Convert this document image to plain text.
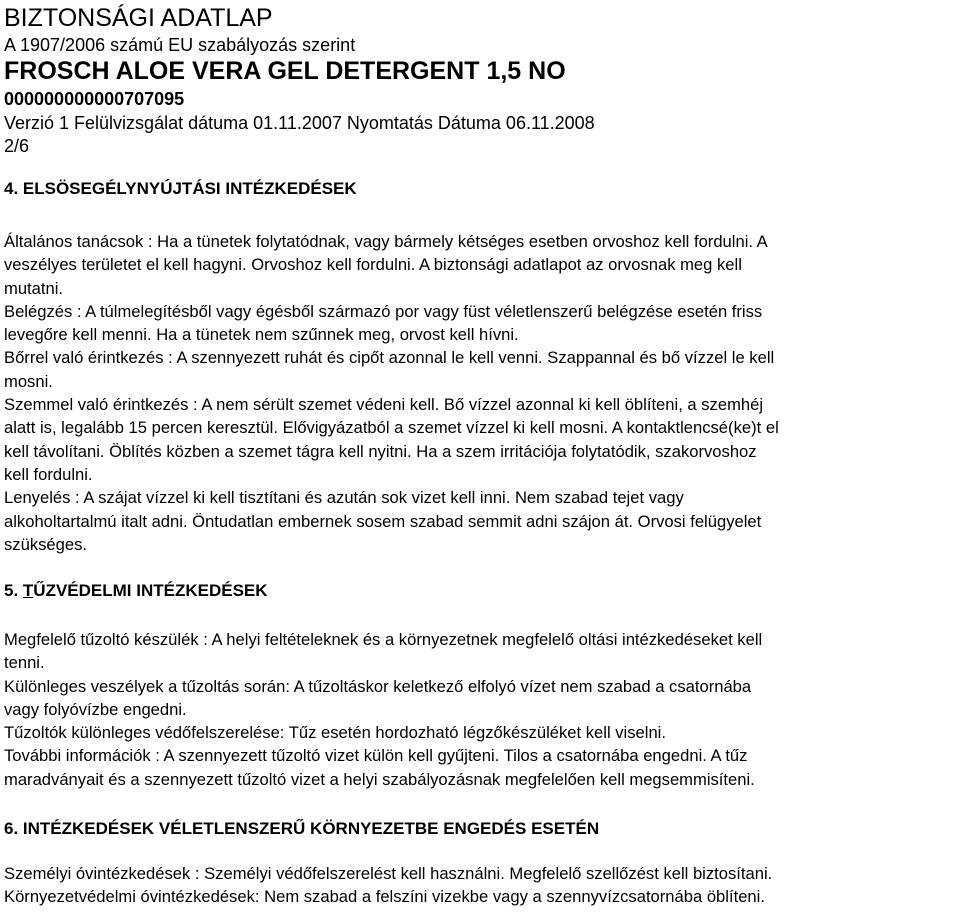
BIZTONSÁGI ADATLAP
A 1907/2006 számú EU szabályozás szerint
FROSCH ALOE VERA GEL DETERGENT 1,5 NO
000000000000707095
Verzió 1 Felülvizsgálat dátuma 01.11.2007 Nyomtatás Dátuma 06.11.2008
2/6
4. ELSÖSEGÉLYNYÚJTÁSI INTÉZKEDÉSEK
Általános tanácsok : Ha a tünetek folytatódnak, vagy bármely kétséges esetben orvoshoz kell fordulni. A
veszélyes területet el kell hagyni. Orvoshoz kell fordulni. A biztonsági adatlapot az orvosnak meg kell
mutatni.
Belégzés : A túlmelegítésből vagy égésből származó por vagy füst véletlenszerű belégzése esetén friss
levegőre kell menni. Ha a tünetek nem szűnnek meg, orvost kell hívni.
Bőrrel való érintkezés : A szennyezett ruhát és cipőt azonnal le kell venni. Szappannal és bő vízzel le kell
mosni.
Szemmel való érintkezés : A nem sérült szemet védeni kell. Bő vízzel azonnal ki kell öblíteni, a szemhéj
alatt is, legalább 15 percen keresztül. Elővigyázatból a szemet vízzel ki kell mosni. A kontaktlencsé(ke)t el
kell távolítani. Öblítés közben a szemet tágra kell nyitni. Ha a szem irritációja folytatódik, szakorvoshoz
kell fordulni.
Lenyelés : A szájat vízzel ki kell tisztítani és azután sok vizet kell inni. Nem szabad tejet vagy
alkoholtartalmú italt adni. Öntudatlan embernek sosem szabad semmit adni szájon át. Orvosi felügyelet
szükséges.
5. TŰZVÉDELMI INTÉZKEDÉSEK
Megfelelő tűzoltó készülék : A helyi feltételeknek és a környezetnek megfelelő oltási intézkedéseket kell
tenni.
Különleges veszélyek a tűzoltás során: A tűzoltáskor keletkező elfolyó vízet nem szabad a csatornába
vagy folyóvízbe engedni.
Tűzoltók különleges védőfelszerelése: Tűz esetén hordozható légzőkészüléket kell viselni.
További információk : A szennyezett tűzoltó vizet külön kell gyűjteni. Tilos a csatornába engedni. A tűz
maradványait és a szennyezett tűzoltó vizet a helyi szabályozásnak megfelelően kell megsemmisíteni.
6. INTÉZKEDÉSEK VÉLETLENSZERŰ KÖRNYEZETBE ENGEDÉS ESETÉN
Személyi óvintézkedések : Személyi védőfelszerelést kell használni. Megfelelő szellőzést kell biztosítani.
Környezetvédelmi óvintézkedések: Nem szabad a felszíni vizekbe vagy a szennyvízcsatornába öblíteni.
